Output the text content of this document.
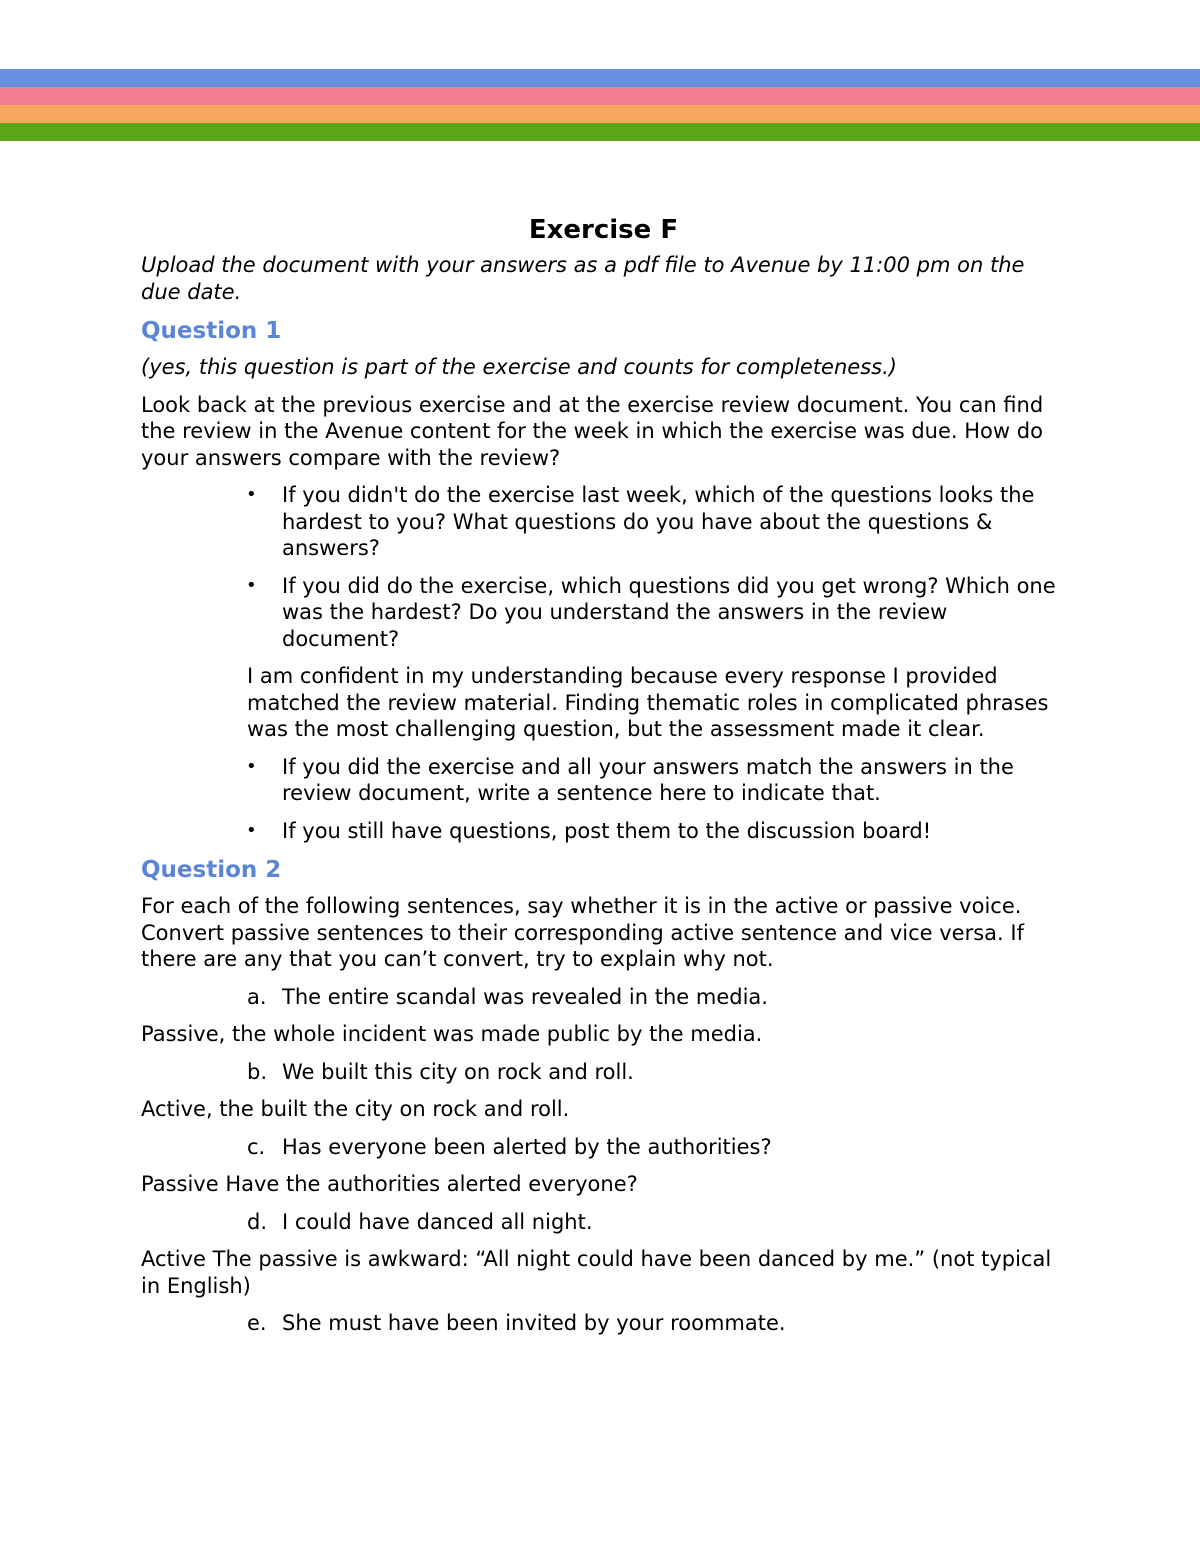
Exercise F

Upload the document with your answers as a pdf file to Avenue by 11:00 pm on the due date.

Question 1

(yes, this question is part of the exercise and counts for completeness.)

Look back at the previous exercise and at the exercise review document. You can find the review in the Avenue content for the week in which the exercise was due. How do your answers compare with the review?

• If you didn't do the exercise last week, which of the questions looks the hardest to you? What questions do you have about the questions & answers?
• If you did do the exercise, which questions did you get wrong? Which one was the hardest? Do you understand the answers in the review document?

I am confident in my understanding because every response I provided matched the review material. Finding thematic roles in complicated phrases was the most challenging question, but the assessment made it clear.

• If you did the exercise and all your answers match the answers in the review document, write a sentence here to indicate that.
• If you still have questions, post them to the discussion board!
Question 2

For each of the following sentences, say whether it is in the active or passive voice. Convert passive sentences to their corresponding active sentence and vice versa. If there are any that you can’t convert, try to explain why not.

a. The entire scandal was revealed in the media.

Passive, the whole incident was made public by the media.

b. We built this city on rock and roll.

Active, the built the city on rock and roll.

c. Has everyone been alerted by the authorities?

Passive Have the authorities alerted everyone?

d. I could have danced all night.

Active The passive is awkward: “All night could have been danced by me.” (not typical in English)

e. She must have been invited by your roommate.
